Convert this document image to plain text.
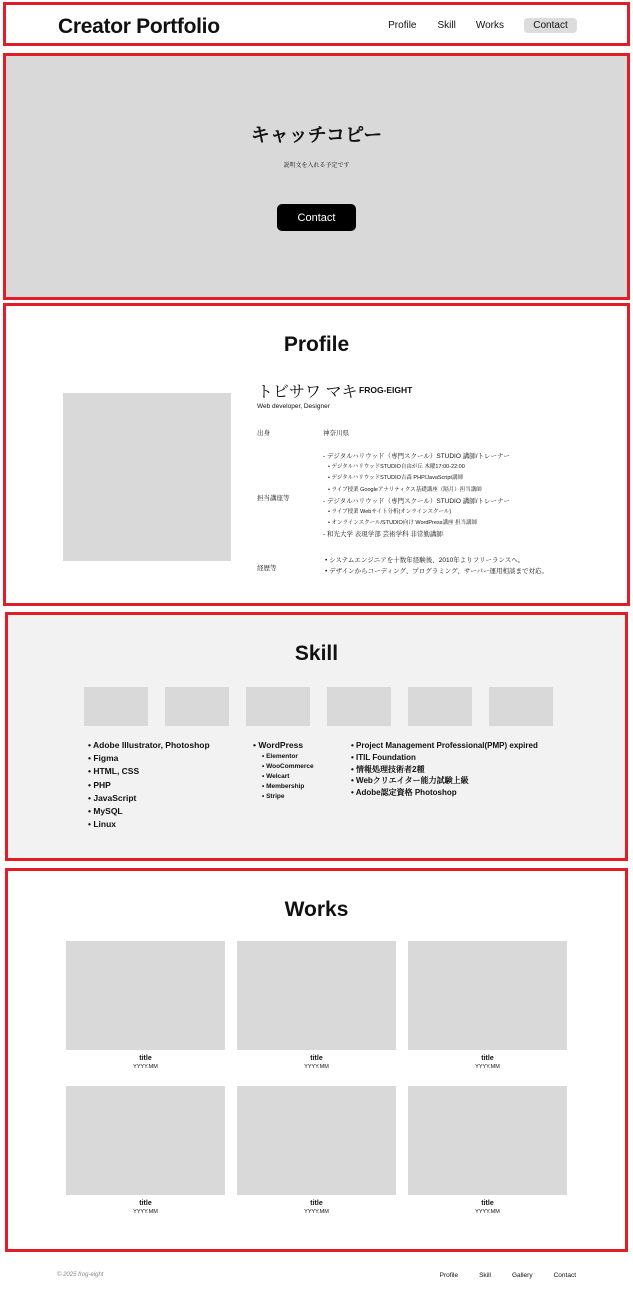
Creator Portfolio	Profile Skill Works	Contact
キャッチコピー

説明文を入れる予定です

Contact
Profile
トビサワ マキ FROG-EIGHT
Web developer, Designer
出身	神奈川県
担当講座等
- デジタルハリウッド（専門スクール）STUDIO 講師/トレーナー
• デジタルハリウッドSTUDIO自由が丘 木曜17:00-22:00
• デジタルハリウッドSTUDIO吉森 PHP/JavaScript講師
• ライブ授業 Googleアナリティクス基礎講座（隔月）担当講師
- デジタルハリウッド（専門スクール）STUDIO 講師/トレーナー
• ライブ授業 Webサイト分析(オンラインスクール)
• オンラインスクール/STUDIO向け WordPress講座 担当講師
- 和光大学 表現学部 芸術学科 非常勤講師
経歴等
• システムエンジニアを十数年経験後、2010年よりフリーランスへ。
• デザインからコーディング、プログラミング、サーバー運用相談まで対応。
Skill
• Adobe Illustrator, Photoshop
• Figma
• HTML, CSS
• PHP
• JavaScript
• MySQL
• Linux
• WordPress
• Elementor
• WooCommerce
• Welcart
• Membership
• Stripe
• Project Management Professional(PMP) expired
• ITIL Foundation
• 情報処理技術者2種
• Webクリエイター能力試験上級
• Adobe認定資格 Photoshop
Works
title
YYYY.MM
title
YYYY.MM
title
YYYY.MM
title
YYYY.MM
title
YYYY.MM
title
YYYY.MM
© 2025 frog-eight	Profile	Skill	Gallery	Contact
